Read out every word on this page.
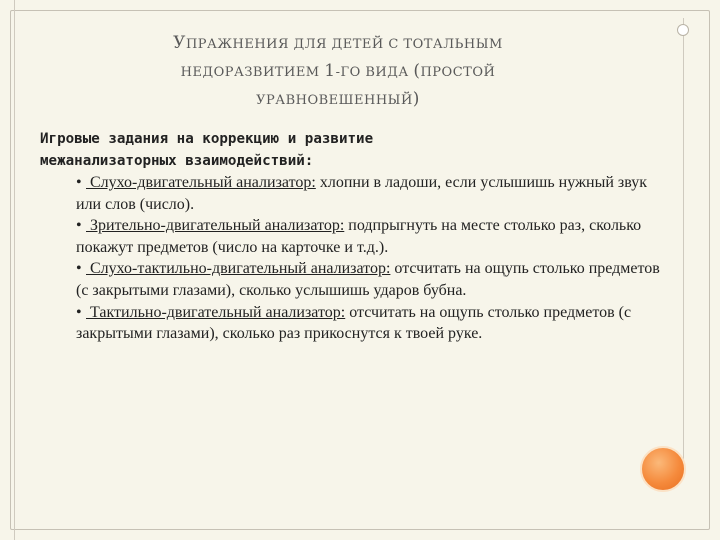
УПРАЖНЕНИЯ ДЛЯ ДЕТЕЙ С ТОТАЛЬНЫМ
НЕДОРАЗВИТИЕМ 1-ГО ВИДА (ПРОСТОЙ
УРАВНОВЕШЕННЫЙ)
Игровые задания на коррекцию и развитие
межанализаторных взаимодействий:

• Слухо-двигательный анализатор: хлопни в ладоши, если услышишь нужный звук или слов (число).

• Зрительно-двигательный анализатор: подпрыгнуть на месте столько раз, сколько покажут предметов (число на карточке и т.д.).

• Слухо-тактильно-двигательный анализатор: отсчитать на ощупь столько предметов (с закрытыми глазами), сколько услышишь ударов бубна.

• Тактильно-двигательный анализатор: отсчитать на ощупь столько предметов (с закрытыми глазами), сколько раз прикоснутся к твоей руке.
